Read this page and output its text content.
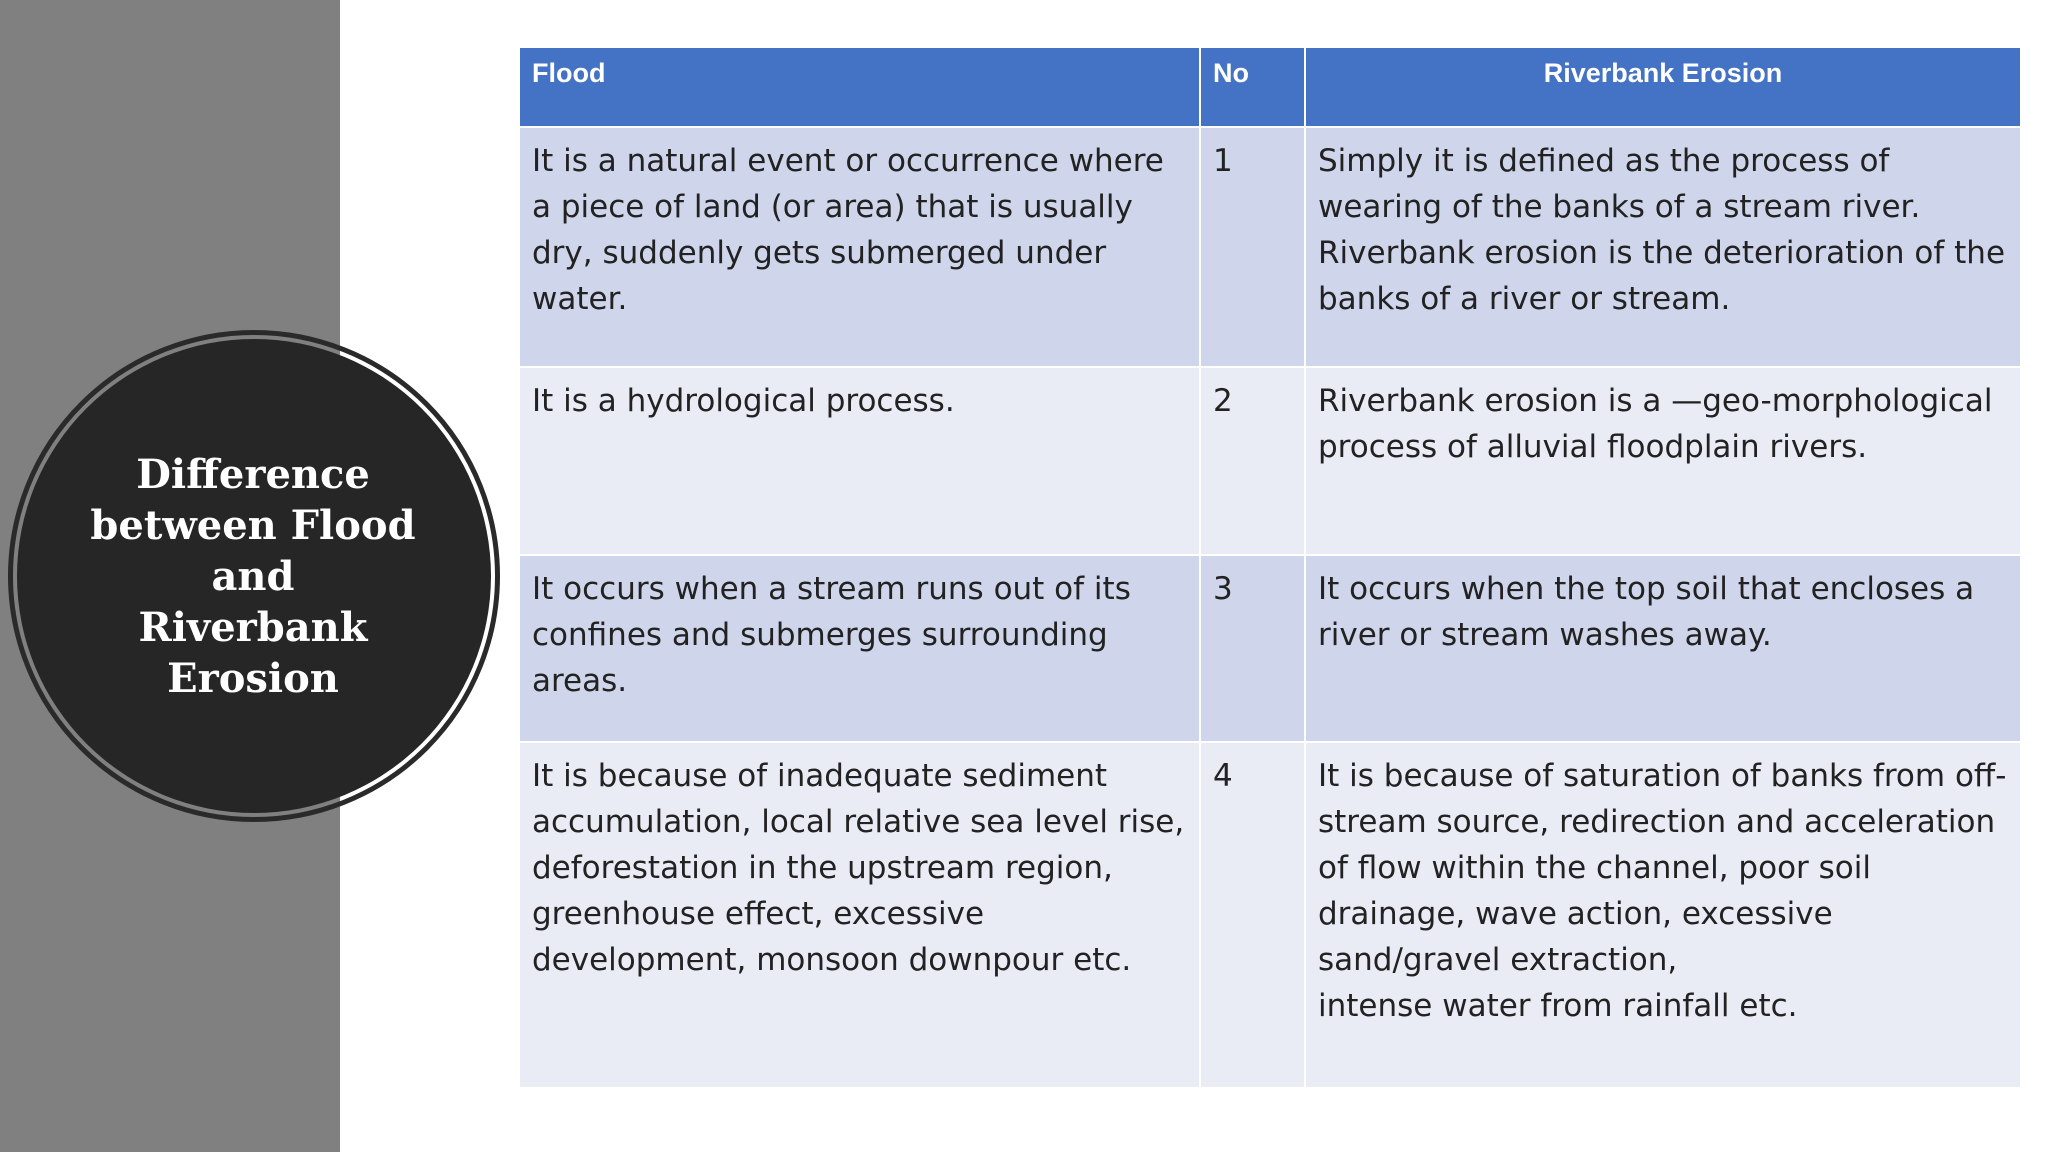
Difference
between Flood
and
Riverbank
Erosion
Flood	No	Riverbank Erosion

It is a natural event or occurrence where a piece of land (or area) that is usually dry, suddenly gets submerged under water.	1	Simply it is defined as the process of wearing of the banks of a stream river. Riverbank erosion is the deterioration of the banks of a river or stream.

It is a hydrological process.	2	Riverbank erosion is a —geo-morphological process of alluvial floodplain rivers.

It occurs when a stream runs out of its confines and submerges surrounding areas.	3	It occurs when the top soil that encloses a river or stream washes away.

It is because of inadequate sediment accumulation, local relative sea level rise, deforestation in the upstream region, greenhouse effect, excessive development, monsoon downpour etc.	4	It is because of saturation of banks from off-stream source, redirection and acceleration of flow within the channel, poor soil drainage, wave action, excessive sand/gravel extraction,
intense water from rainfall etc.
